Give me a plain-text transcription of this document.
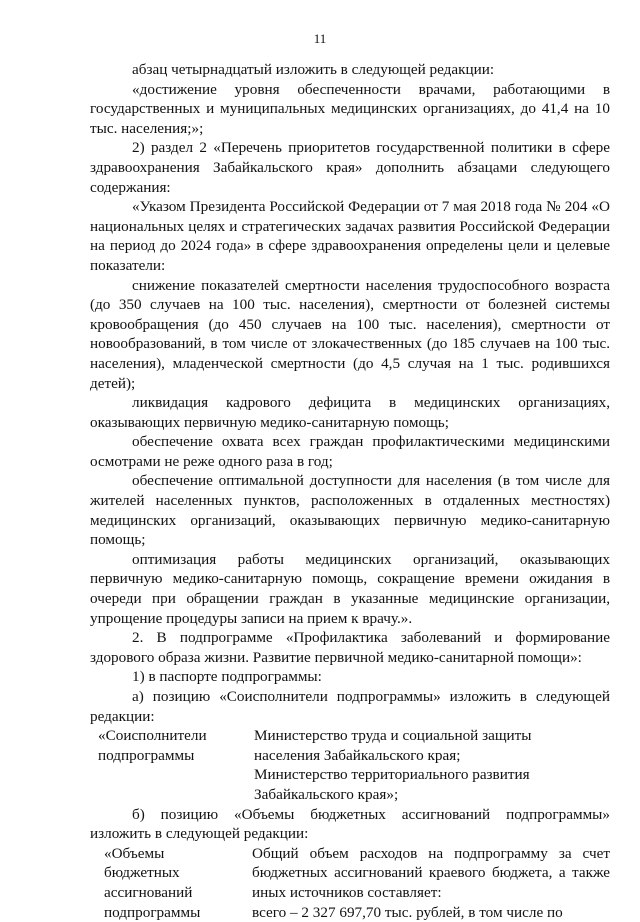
11

абзац четырнадцатый изложить в следующей редакции:

«достижение уровня обеспеченности врачами, работающими в государственных и муниципальных медицинских организациях, до 41,4 на 10 тыс. населения;»;

2) раздел 2 «Перечень приоритетов государственной политики в сфере здравоохранения Забайкальского края» дополнить абзацами следующего содержания:

«Указом Президента Российской Федерации от 7 мая 2018 года № 204 «О национальных целях и стратегических задачах развития Российской Федерации на период до 2024 года» в сфере здравоохранения определены цели и целевые показатели:

снижение показателей смертности населения трудоспособного возраста (до 350 случаев на 100 тыс. населения), смертности от болезней системы кровообращения (до 450 случаев на 100 тыс. населения), смертности от новообразований, в том числе от злокачественных (до 185 случаев на 100 тыс. населения), младенческой смертности (до 4,5 случая на 1 тыс. родившихся детей);

ликвидация кадрового дефицита в медицинских организациях, оказывающих первичную медико-санитарную помощь;

обеспечение охвата всех граждан профилактическими медицинскими осмотрами не реже одного раза в год;

обеспечение оптимальной доступности для населения (в том числе для жителей населенных пунктов, расположенных в отдаленных местностях) медицинских организаций, оказывающих первичную медико-санитарную помощь;

оптимизация работы медицинских организаций, оказывающих первичную медико-санитарную помощь, сокращение времени ожидания в очереди при обращении граждан в указанные медицинские организации, упрощение процедуры записи на прием к врачу.».

2. В подпрограмме «Профилактика заболеваний и формирование здорового образа жизни. Развитие первичной медико-санитарной помощи»:

1) в паспорте подпрограммы:

а) позицию «Соисполнители подпрограммы» изложить в следующей редакции:

«Соисполнители
подпрограммы

Министерство труда и социальной защиты
населения Забайкальского края;
Министерство территориального развития
Забайкальского края»;

б) позицию «Объемы бюджетных ассигнований подпрограммы» изложить в следующей редакции:

«Объемы
бюджетных
ассигнований
подпрограммы

Общий объем расходов на подпрограмму за счет бюджетных ассигнований краевого бюджета, а также иных источников составляет:
всего – 2 327 697,70 тыс. рублей, в том числе по
